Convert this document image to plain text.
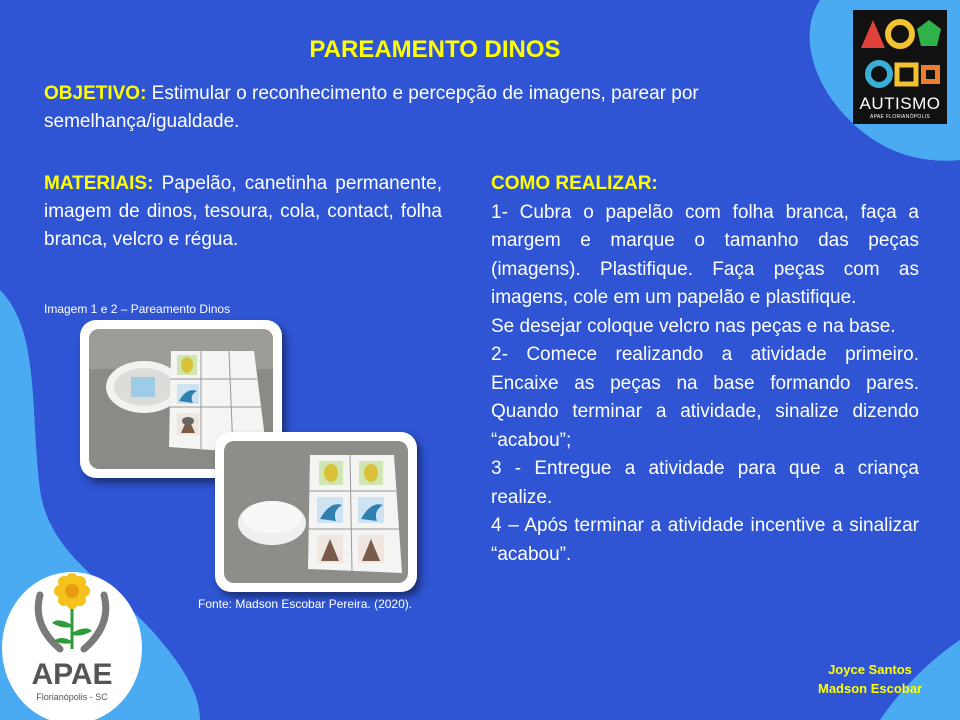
PAREAMENTO DINOS
OBJETIVO: Estimular o reconhecimento e percepção de imagens, parear por semelhança/igualdade.
MATERIAIS: Papelão, canetinha permanente, imagem de dinos, tesoura, cola, contact, folha branca, velcro e régua.
Imagem 1 e 2 – Pareamento Dinos
Fonte: Madson Escobar Pereira. (2020).

COMO REALIZAR:

1- Cubra o papelão com folha branca, faça a margem e marque o tamanho das peças (imagens). Plastifique. Faça peças com as imagens, cole em um papelão e plastifique.

Se desejar coloque velcro nas peças e na base.

2- Comece realizando a atividade primeiro. Encaixe as peças na base formando pares. Quando terminar a atividade, sinalize dizendo “acabou”;

3 - Entregue a atividade para que a criança realize.

4 – Após terminar a atividade incentive a sinalizar “acabou”.

Joyce Santos
Madson Escobar
AUTISMO
APAE FLORIANÓPOLIS
APAE
Florianópolis - SC
